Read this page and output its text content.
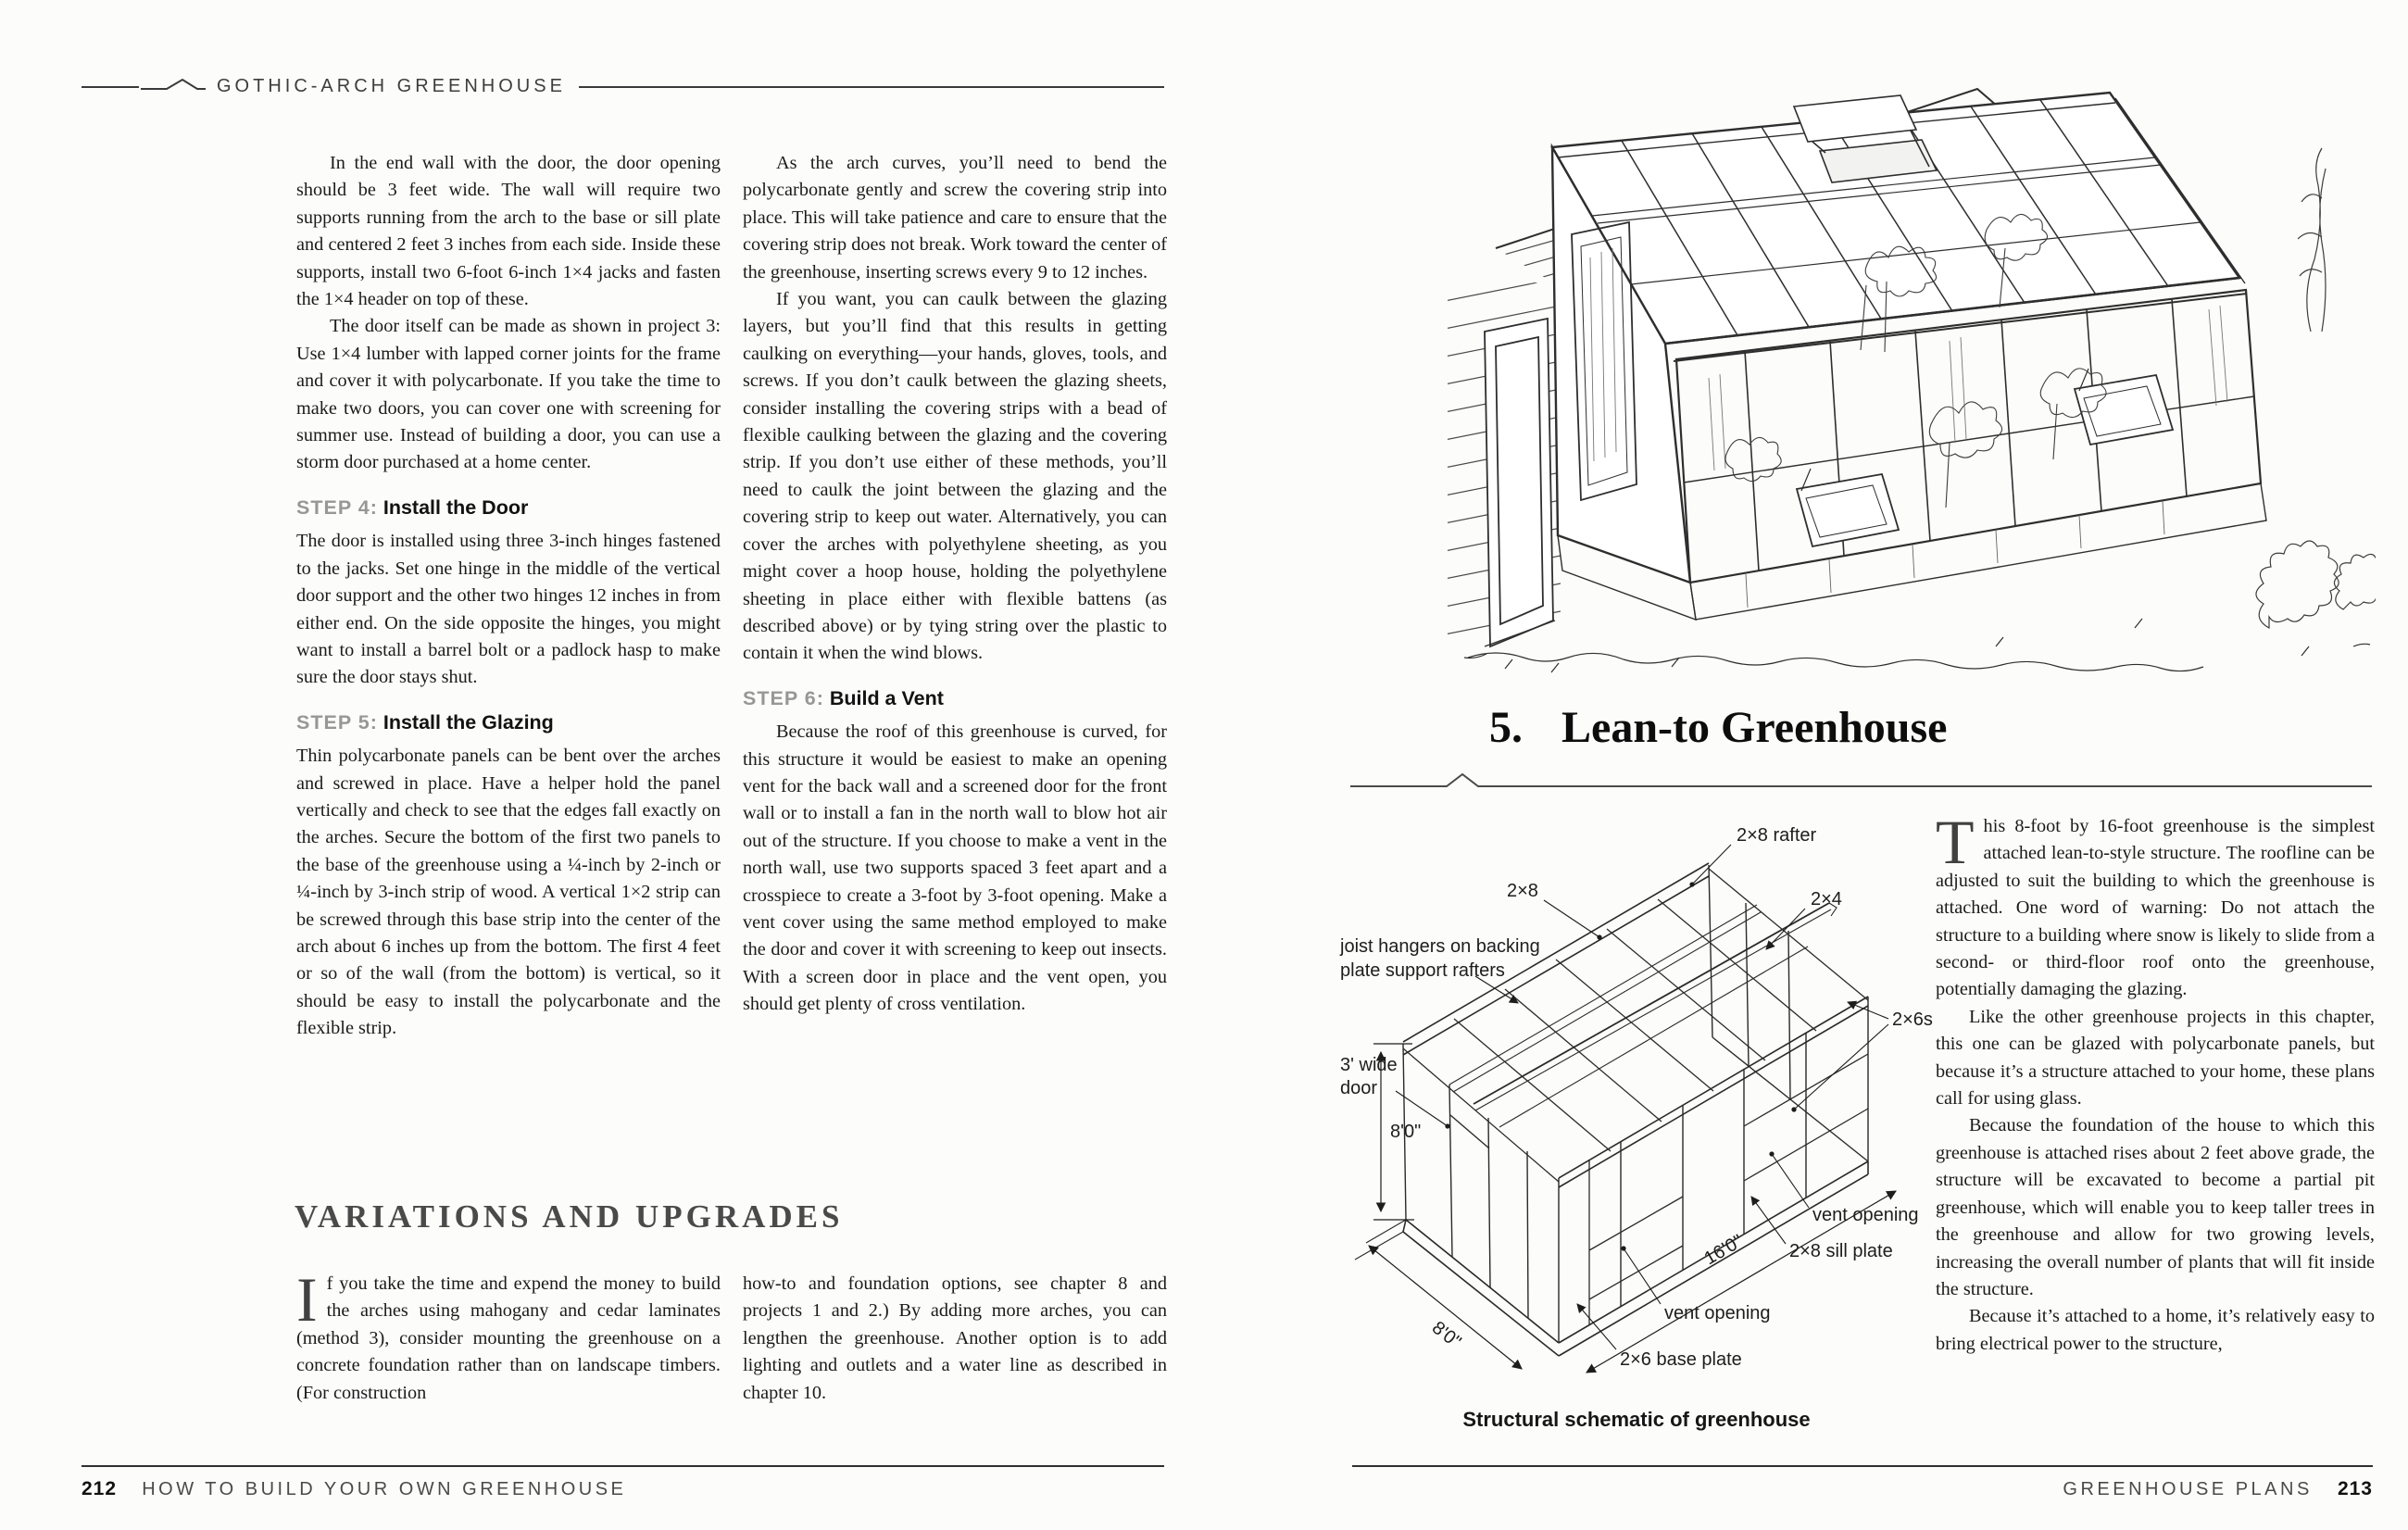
GOTHIC-ARCH GREENHOUSE

In the end wall with the door, the door opening should be 3 feet wide. The wall will require two supports running from the arch to the base or sill plate and centered 2 feet 3 inches from each side. Inside these supports, install two 6-foot 6-inch 1×4 jacks and fasten the 1×4 header on top of these.

The door itself can be made as shown in project 3: Use 1×4 lumber with lapped corner joints for the frame and cover it with polycarbonate. If you take the time to make two doors, you can cover one with screening for summer use. Instead of building a door, you can use a storm door purchased at a home center.

STEP 4: Install the Door

The door is installed using three 3-inch hinges fastened to the jacks. Set one hinge in the middle of the vertical door support and the other two hinges 12 inches in from either end. On the side opposite the hinges, you might want to install a barrel bolt or a padlock hasp to make sure the door stays shut.

STEP 5: Install the Glazing

Thin polycarbonate panels can be bent over the arches and screwed in place. Have a helper hold the panel vertically and check to see that the edges fall exactly on the arches. Secure the bottom of the first two panels to the base of the greenhouse using a ¼-inch by 2-inch or ¼-inch by 3-inch strip of wood. A vertical 1×2 strip can be screwed through this base strip into the center of the arch about 6 inches up from the bottom. The first 4 feet or so of the wall (from the bottom) is vertical, so it should be easy to install the polycarbonate and the flexible strip.

As the arch curves, you’ll need to bend the polycarbonate gently and screw the covering strip into place. This will take patience and care to ensure that the covering strip does not break. Work toward the center of the greenhouse, inserting screws every 9 to 12 inches.

If you want, you can caulk between the glazing layers, but you’ll find that this results in getting caulking on everything—your hands, gloves, tools, and screws. If you don’t caulk between the glazing sheets, consider installing the covering strips with a bead of flexible caulking between the glazing and the covering strip. If you don’t use either of these methods, you’ll need to caulk the joint between the glazing and the covering strip to keep out water. Alternatively, you can cover the arches with polyethylene sheeting, as you might cover a hoop house, holding the polyethylene sheeting in place either with flexible battens (as described above) or by tying string over the plastic to contain it when the wind blows.

STEP 6: Build a Vent

Because the roof of this greenhouse is curved, for this structure it would be easiest to make an opening vent for the back wall and a screened door for the front wall or to install a fan in the north wall to blow hot air out of the structure. If you choose to make a vent in the north wall, use two supports spaced 3 feet apart and a crosspiece to create a 3-foot by 3-foot opening. Make a vent cover using the same method employed to make the door and cover it with screening to keep out insects. With a screen door in place and the vent open, you should get plenty of cross ventilation.

VARIATIONS AND UPGRADES

If you take the time and expend the money to build the arches using mahogany and cedar laminates (method 3), consider mounting the greenhouse on a concrete foundation rather than on landscape timbers. (For construction

how-to and foundation options, see chapter 8 and projects 1 and 2.) By adding more arches, you can lengthen the greenhouse. Another option is to add lighting and outlets and a water line as described in chapter 10.

212 HOW TO BUILD YOUR OWN GREENHOUSE
5. Lean-to Greenhouse

This 8-foot by 16-foot greenhouse is the simplest attached lean-to-style structure. The roofline can be adjusted to suit the building to which the greenhouse is attached. One word of warning: Do not attach the structure to a building where snow is likely to slide from a second- or third-floor roof onto the greenhouse, potentially damaging the glazing.

Like the other greenhouse projects in this chapter, this one can be glazed with polycarbonate panels, but because it’s a structure attached to your home, these plans call for using glass.

Because the foundation of the house to which this greenhouse is attached rises about 2 feet above grade, the structure will be excavated to become a partial pit greenhouse, which will enable you to keep taller trees in the greenhouse and allow for two growing levels, increasing the overall number of plants that will fit inside the structure.

Because it’s attached to a home, it’s relatively easy to bring electrical power to the structure,

2×8 rafter
2×8	2×4
joist hangers on backing
plate support rafters
2×6s
3' wide
door
8'0"
8'0"
16'0"
vent opening
2×8 sill plate
vent opening
2×6 base plate
Structural schematic of greenhouse
GREENHOUSE PLANS 213
